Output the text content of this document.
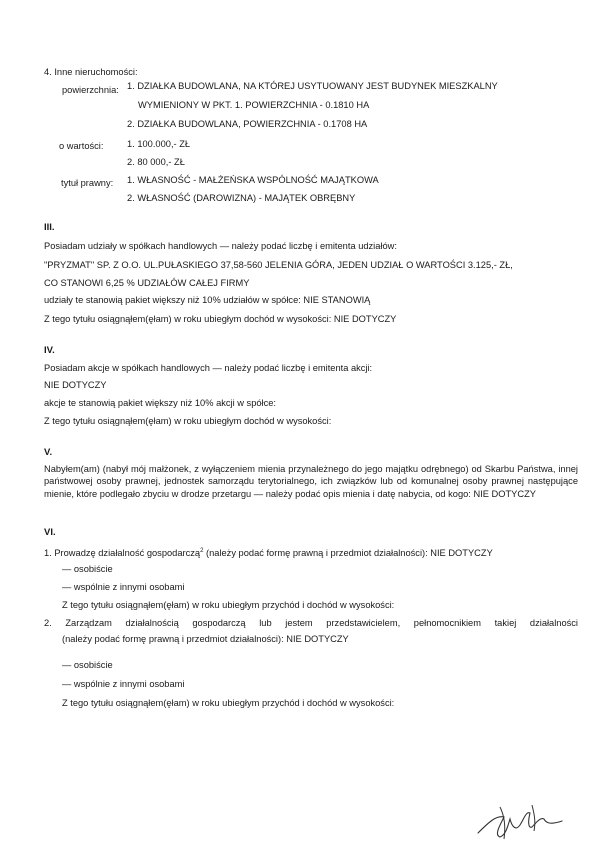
4. Inne nieruchomości:
powierzchnia: 1. DZIAŁKA BUDOWLANA, NA KTÓREJ USYTUOWANY JEST BUDYNEK MIESZKALNY
WYMIENIONY W PKT. 1. POWIERZCHNIA - 0.1810 HA
2. DZIAŁKA BUDOWLANA, POWIERZCHNIA - 0.1708 HA
o wartości:	1. 100.000,- ZŁ
2. 80 000,- ZŁ
tytuł prawny: 1. WŁASNOŚĆ - MAŁŻEŃSKA WSPÓLNOŚĆ MAJĄTKOWA
2. WŁASNOŚĆ (DAROWIZNA) - MAJĄTEK OBRĘBNY
III.
Posiadam udziały w spółkach handlowych — należy podać liczbę i emitenta udziałów:
"PRYZMAT" SP. Z O.O. UL.PUŁASKIEGO 37,58-560 JELENIA GÓRA, JEDEN UDZIAŁ O WARTOŚCI 3.125,- ZŁ,
CO STANOWI 6,25 % UDZIAŁÓW CAŁEJ FIRMY
udziały te stanowią pakiet większy niż 10% udziałów w spółce: NIE STANOWIĄ
Z tego tytułu osiągnąłem(ęłam) w roku ubiegłym dochód w wysokości: NIE DOTYCZY
IV.
Posiadam akcje w spółkach handlowych — należy podać liczbę i emitenta akcji:
NIE DOTYCZY
akcje te stanowią pakiet większy niż 10% akcji w spółce:
Z tego tytułu osiągnąłem(ęłam) w roku ubiegłym dochód w wysokości:
V.
Nabyłem(am) (nabył mój małżonek, z wyłączeniem mienia przynależnego do jego majątku odrębnego) od Skarbu Państwa, innej państwowej osoby prawnej, jednostek samorządu terytorialnego, ich związków lub od komunalnej osoby prawnej następujące mienie, które podlegało zbyciu w drodze przetargu — należy podać opis mienia i datę nabycia, od kogo: NIE DOTYCZY
VI.
1. Prowadzę działalność gospodarczą$^2$ (należy podać formę prawną i przedmiot działalności): NIE DOTYCZY
— osobiście
— wspólnie z innymi osobami
Z tego tytułu osiągnąłem(ęłam) w roku ubiegłym przychód i dochód w wysokości:
2. Zarządzam działalnością gospodarczą lub jestem przedstawicielem, pełnomocnikiem takiej działalności
(należy podać formę prawną i przedmiot działalności): NIE DOTYCZY
— osobiście
— wspólnie z innymi osobami
Z tego tytułu osiągnąłem(ęłam) w roku ubiegłym przychód i dochód w wysokości:
